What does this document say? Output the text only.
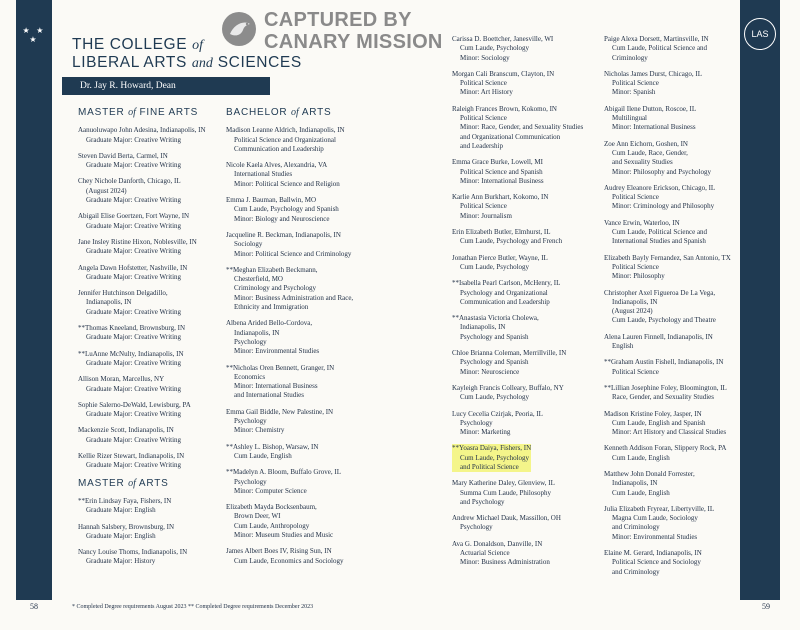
★ ★ ★
LAS
CAPTURED BY
CANARY MISSION
THE COLLEGE of
LIBERAL ARTS and SCIENCES
Dr. Jay R. Howard, Dean
MASTER of FINE ARTS
Aanuoluwapo John Adesina, Indianapolis, IN
Graduate Major: Creative Writing
Steven David Berta, Carmel, IN
Graduate Major: Creative Writing
Chey Nichole Danforth, Chicago, IL
(August 2024)
Graduate Major: Creative Writing
Abigail Elise Goertzen, Fort Wayne, IN
Graduate Major: Creative Writing
Jane Insley Ristine Hixon, Noblesville, IN
Graduate Major: Creative Writing
Angela Dawn Hofstetter, Nashville, IN
Graduate Major: Creative Writing
Jennifer Hutchinson Delgadillo,
Indianapolis, IN
Graduate Major: Creative Writing
**Thomas Kneeland, Brownsburg, IN
Graduate Major: Creative Writing
**LuAnne McNulty, Indianapolis, IN
Graduate Major: Creative Writing
Allison Moran, Marcellus, NY
Graduate Major: Creative Writing
Sophie Salerno-DeWald, Lewisburg, PA
Graduate Major: Creative Writing
Mackenzie Scott, Indianapolis, IN
Graduate Major: Creative Writing
Kellie Rizer Stewart, Indianapolis, IN
Graduate Major: Creative Writing
MASTER of ARTS
**Erin Lindsay Faya, Fishers, IN
Graduate Major: English
Hannah Salsbery, Brownsburg, IN
Graduate Major: English
Nancy Louise Thoms, Indianapolis, IN
Graduate Major: History
BACHELOR of ARTS
Madison Leanne Aldrich, Indianapolis, IN
Political Science and Organizational
Communication and Leadership
Nicole Kaela Alves, Alexandria, VA
International Studies
Minor: Political Science and Religion
Emma J. Bauman, Ballwin, MO
Cum Laude, Psychology and Spanish
Minor: Biology and Neuroscience
Jacqueline R. Beckman, Indianapolis, IN
Sociology
Minor: Political Science and Criminology
**Meghan Elizabeth Beckmann,
Chesterfield, MO
Criminology and Psychology
Minor: Business Administration and Race,
Ethnicity and Immigration
Albena Arided Bello-Cordova,
Indianapolis, IN
Psychology
Minor: Environmental Studies
**Nicholas Oren Bennett, Granger, IN
Economics
Minor: International Business
and International Studies
Emma Gail Biddle, New Palestine, IN
Psychology
Minor: Chemistry
**Ashley L. Bishop, Warsaw, IN
Cum Laude, English
**Madelyn A. Bloom, Buffalo Grove, IL
Psychology
Minor: Computer Science
Elizabeth Mayda Bocksenbaum,
Brown Deer, WI
Cum Laude, Anthropology
Minor: Museum Studies and Music
James Albert Boes IV, Rising Sun, IN
Cum Laude, Economics and Sociology
Carissa D. Boettcher, Janesville, WI
Cum Laude, Psychology
Minor: Sociology
Morgan Cali Branscum, Clayton, IN
Political Science
Minor: Art History
Raleigh Frances Brown, Kokomo, IN
Political Science
Minor: Race, Gender, and Sexuality Studies
and Organizational Communication
and Leadership
Emma Grace Burke, Lowell, MI
Political Science and Spanish
Minor: International Business
Karlie Ann Burkhart, Kokomo, IN
Political Science
Minor: Journalism
Erin Elizabeth Butler, Elmhurst, IL
Cum Laude, Psychology and French
Jonathan Pierce Butler, Wayne, IL
Cum Laude, Psychology
**Isabella Pearl Carlson, McHenry, IL
Psychology and Organizational
Communication and Leadership
**Anastasia Victoria Cholewa,
Indianapolis, IN
Psychology and Spanish
Chloe Brianna Coleman, Merrillville, IN
Psychology and Spanish
Minor: Neuroscience
Kayleigh Francis Colleary, Buffalo, NY
Cum Laude, Psychology
Lucy Cecelia Czirjak, Peoria, IL
Psychology
Minor: Marketing
**Yoasra Daiya, Fishers, IN
Cum Laude, Psychology
and Political Science
Mary Katherine Daley, Glenview, IL
Summa Cum Laude, Philosophy
and Psychology
Andrew Michael Dauk, Massillon, OH
Psychology
Ava G. Donaldson, Danville, IN
Actuarial Science
Minor: Business Administration
Paige Alexa Dorsett, Martinsville, IN
Cum Laude, Political Science and
Criminology
Nicholas James Durst, Chicago, IL
Political Science
Minor: Spanish
Abigail Ilene Dutton, Roscoe, IL
Multilingual
Minor: International Business
Zoe Ann Eichorn, Goshen, IN
Cum Laude, Race, Gender,
and Sexuality Studies
Minor: Philosophy and Psychology
Audrey Eleanore Erickson, Chicago, IL
Political Science
Minor: Criminology and Philosophy
Vance Erwin, Waterloo, IN
Cum Laude, Political Science and
International Studies and Spanish
Elizabeth Bayly Fernandez, San Antonio, TX
Political Science
Minor: Philosophy
Christopher Axel Figueroa De La Vega,
Indianapolis, IN
(August 2024)
Cum Laude, Psychology and Theatre
Alena Lauren Finnell, Indianapolis, IN
English
**Graham Austin Fishell, Indianapolis, IN
Political Science
**Lillian Josephine Foley, Bloomington, IL
Race, Gender, and Sexuality Studies
Madison Kristine Foley, Jasper, IN
Cum Laude, English and Spanish
Minor: Art History and Classical Studies
Kenneth Addison Foran, Slippery Rock, PA
Cum Laude, English
Matthew John Donald Forrester,
Indianapolis, IN
Cum Laude, English
Julia Elizabeth Fryrear, Libertyville, IL
Magna Cum Laude, Sociology
and Criminology
Minor: Environmental Studies
Elaine M. Gerard, Indianapolis, IN
Political Science and Sociology
and Criminology
58	* Completed Degree requirements August 2023 ** Completed Degree requirements December 2023	59
